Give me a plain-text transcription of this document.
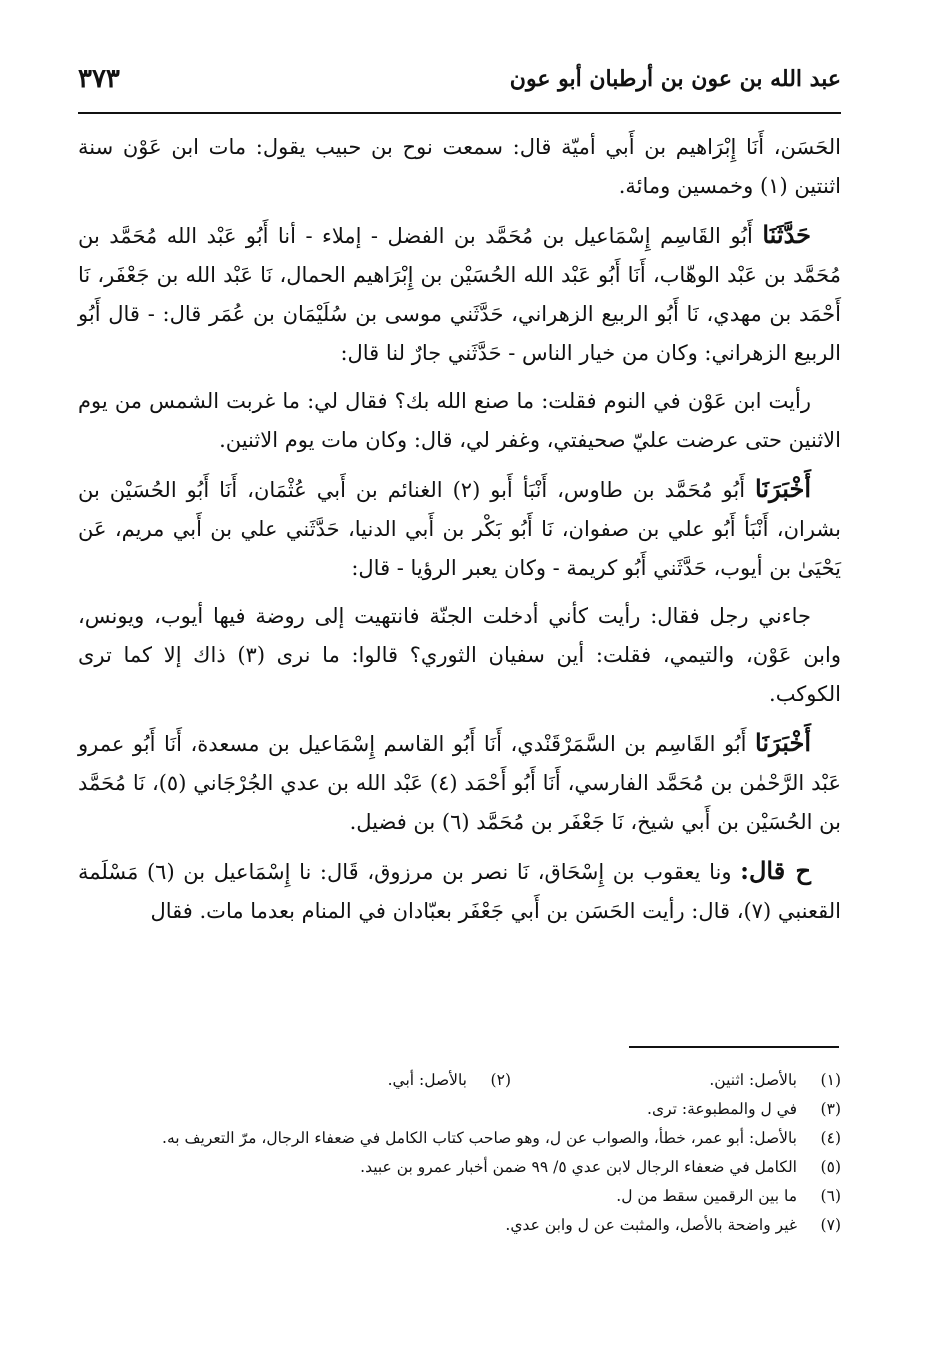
عبد الله بن عون بن أرطبان أبو عون
٣٧٣

الحَسَن، أَنَا إِبْرَاهيم بن أَبي أميّة قال: سمعت نوح بن حبيب يقول: مات ابن عَوْن سنة اثنتين (١) وخمسين ومائة.

حَدَّثَنَا أَبُو القَاسِم إِسْمَاعيل بن مُحَمَّد بن الفضل - إملاء - أنا أَبُو عَبْد الله مُحَمَّد بن مُحَمَّد بن عَبْد الوهّاب، أَنَا أَبُو عَبْد الله الحُسَيْن بن إِبْرَاهيم الحمال، نَا عَبْد الله بن جَعْفَر، نَا أَحْمَد بن مهدي، نَا أَبُو الربيع الزهراني، حَدَّثَني موسى بن سُلَيْمَان بن عُمَر قال: - قال أَبُو الربيع الزهراني: وكان من خيار الناس - حَدَّثَني جارٌ لنا قال:

رأيت ابن عَوْن في النوم فقلت: ما صنع الله بك؟ فقال لي: ما غربت الشمس من يوم الاثنين حتى عرضت عليّ صحيفتي، وغفر لي، قال: وكان مات يوم الاثنين.

أَخْبَرَنَا أَبُو مُحَمَّد بن طاوس، أَنْبَأ أَبو (٢) الغنائم بن أَبي عُثْمَان، أَنَا أَبُو الحُسَيْن بن بشران، أَنْبَأ أَبُو علي بن صفوان، نَا أَبُو بَكْر بن أَبي الدنيا، حَدَّثَني علي بن أَبي مريم، عَن يَحْيَىٰ بن أيوب، حَدَّثَني أَبُو كريمة - وكان يعبر الرؤيا - قال:

جاءني رجل فقال: رأيت كأني أدخلت الجنّة فانتهيت إلى روضة فيها أيوب، ويونس، وابن عَوْن، والتيمي، فقلت: أين سفيان الثوري؟ قالوا: ما نرى (٣) ذاك إلا كما ترى الكوكب.

أَخْبَرَنَا أَبُو القَاسِم بن السَّمَرْقَنْدي، أَنَا أَبُو القاسم إِسْمَاعيل بن مسعدة، أَنَا أَبُو عمرو عَبْد الرَّحْمٰن بن مُحَمَّد الفارسي، أَنَا أَبُو أَحْمَد (٤) عَبْد الله بن عدي الجُرْجَاني (٥)، نَا مُحَمَّد بن الحُسَيْن بن أَبي شيخ، نَا جَعْفَر بن مُحَمَّد (٦) بن فضيل.

ح قال: ونا يعقوب بن إِسْحَاق، نَا نصر بن مرزوق، قَال: نا إِسْمَاعيل بن (٦) مَسْلَمة القعنبي (٧)، قال: رأيت الحَسَن بن أَبي جَعْفَر بعبّادان في المنام بعدما مات. فقال

(١)
بالأصل: اثنين.
(٢)
بالأصل: أبي.
(٣)
في ل والمطبوعة: ترى.
(٤)
بالأصل: أبو عمر، خطأ، والصواب عن ل، وهو صاحب كتاب الكامل في ضعفاء الرجال، مرّ التعريف به.
(٥)
الكامل في ضعفاء الرجال لابن عدي ٥/ ٩٩ ضمن أخبار عمرو بن عبيد.
(٦)
ما بين الرقمين سقط من ل.
(٧)
غير واضحة بالأصل، والمثبت عن ل وابن عدي.
